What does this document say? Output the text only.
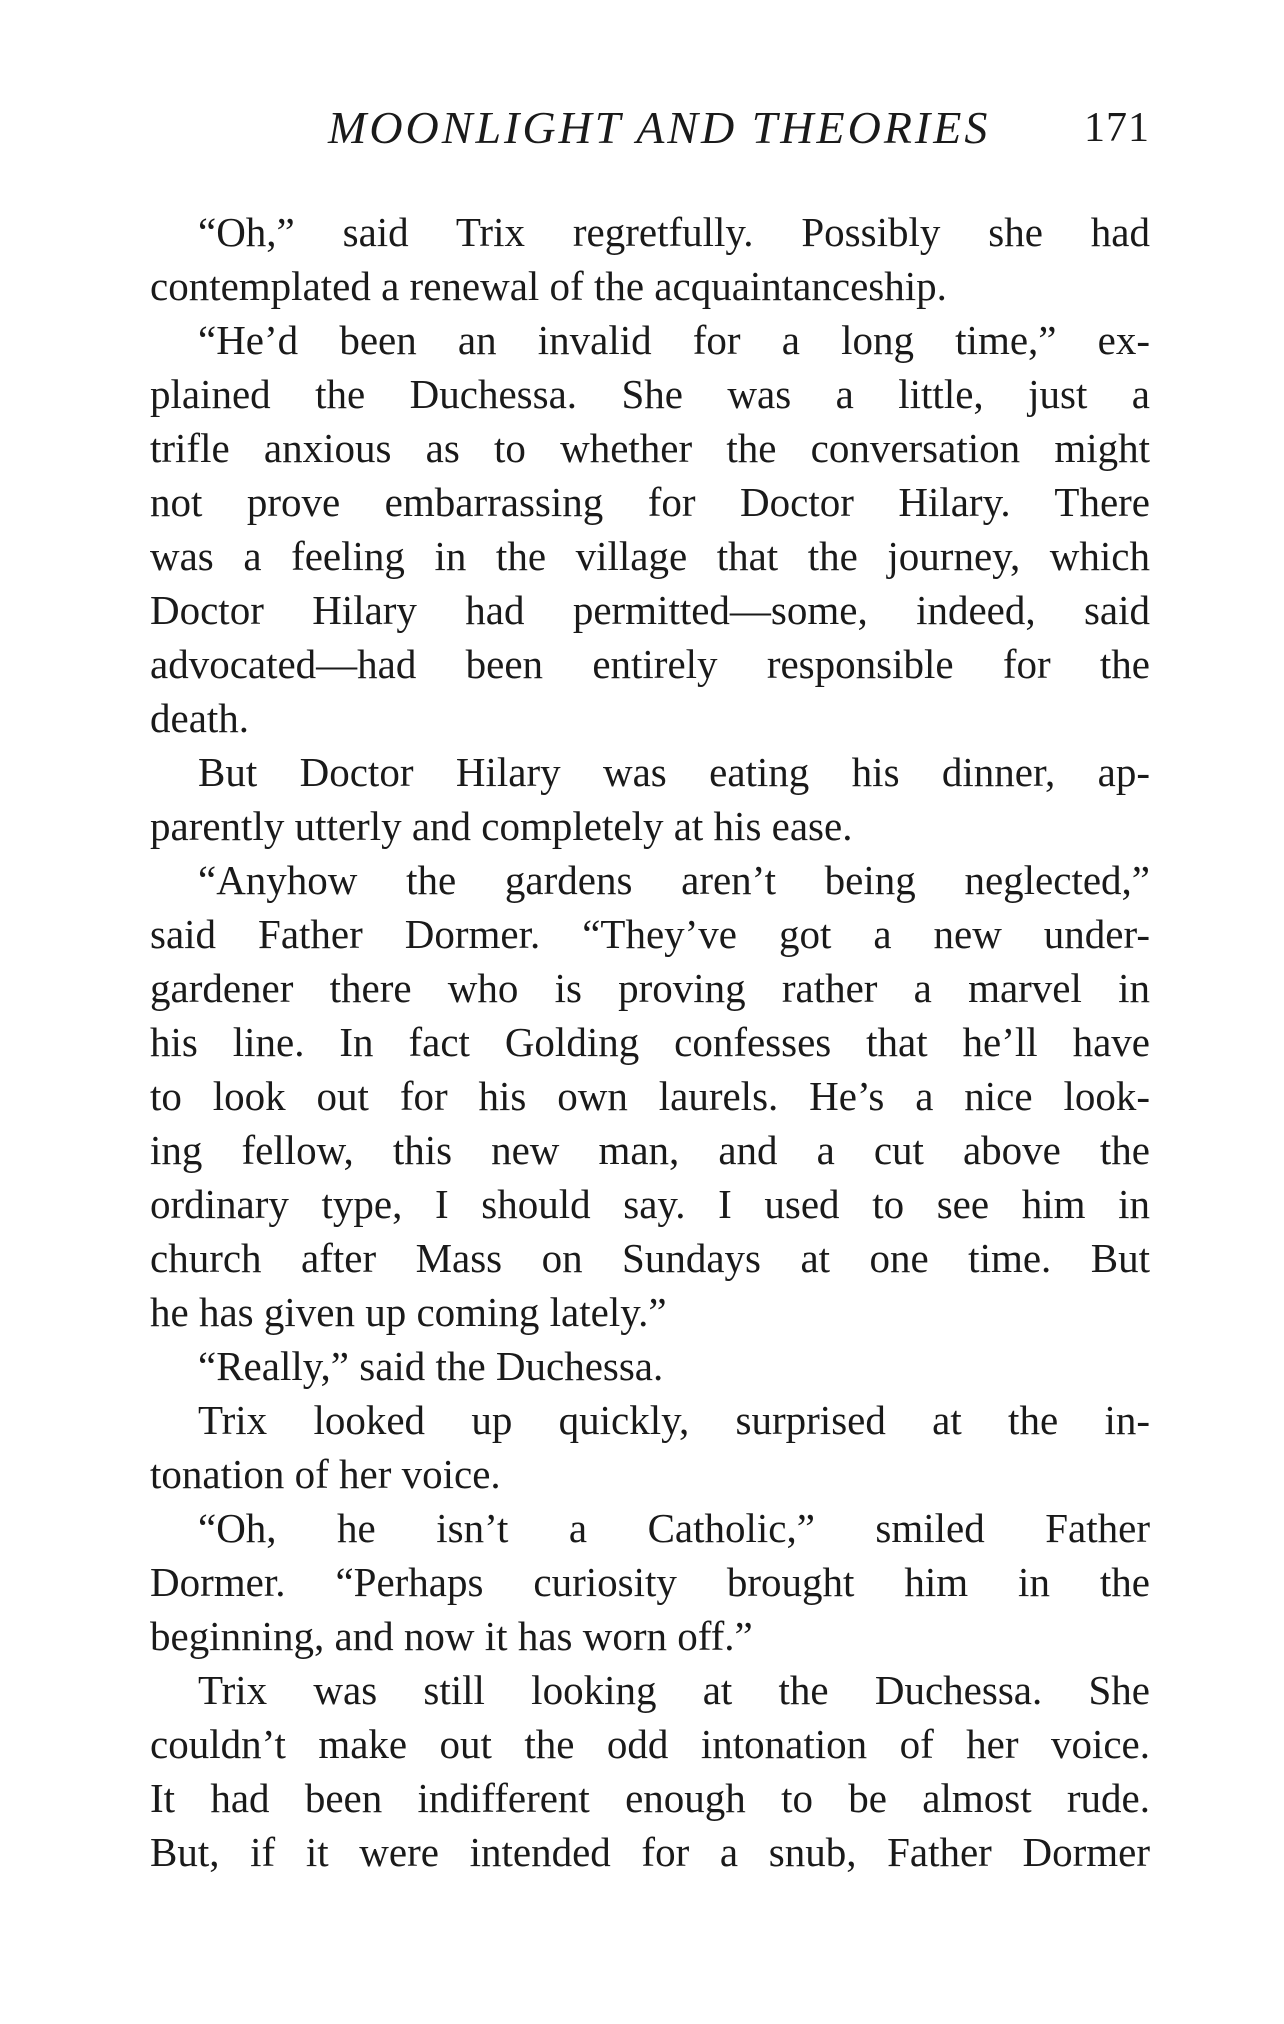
MOONLIGHT AND THEORIES 171
“Oh,” said Trix regretfully. Possibly she had
contemplated a renewal of the acquaintanceship.
“He’d been an invalid for a long time,” ex-
plained the Duchessa. She was a little, just a
trifle anxious as to whether the conversation might
not prove embarrassing for Doctor Hilary. There
was a feeling in the village that the journey, which
Doctor Hilary had permitted—some, indeed, said
advocated—had been entirely responsible for the
death.
But Doctor Hilary was eating his dinner, ap-
parently utterly and completely at his ease.
“Anyhow the gardens aren’t being neglected,”
said Father Dormer. “They’ve got a new under-
gardener there who is proving rather a marvel in
his line. In fact Golding confesses that he’ll have
to look out for his own laurels. He’s a nice look-
ing fellow, this new man, and a cut above the
ordinary type, I should say. I used to see him in
church after Mass on Sundays at one time. But
he has given up coming lately.”
“Really,” said the Duchessa.
Trix looked up quickly, surprised at the in-
tonation of her voice.
“Oh, he isn’t a Catholic,” smiled Father
Dormer. “Perhaps curiosity brought him in the
beginning, and now it has worn off.”
Trix was still looking at the Duchessa. She
couldn’t make out the odd intonation of her voice.
It had been indifferent enough to be almost rude.
But, if it were intended for a snub, Father Dormer
